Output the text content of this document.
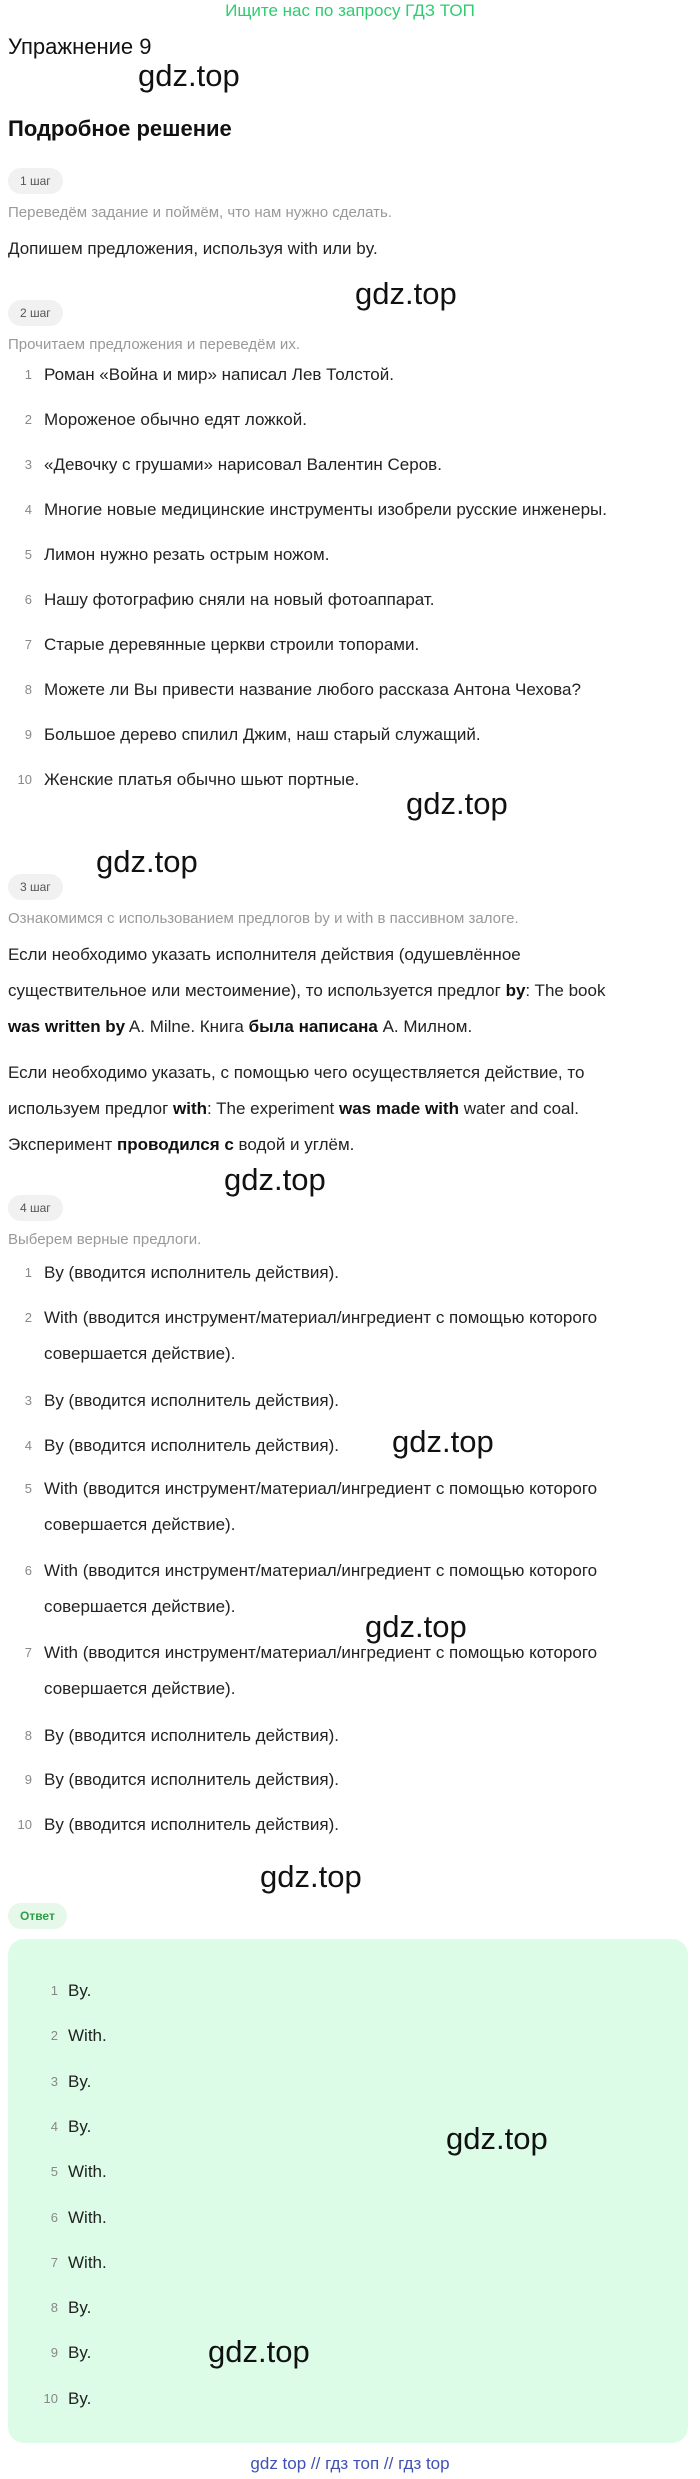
Ищите нас по запросу ГДЗ ТОП
Упражнение 9
gdz.top
Подробное решение
1 шаг
Переведём задание и поймём, что нам нужно сделать.
Допишем предложения, используя with или by.
gdz.top
2 шаг
Прочитаем предложения и переведём их.
1 Роман «Война и мир» написал Лев Толстой.
2 Мороженое обычно едят ложкой.
3 «Девочку с грушами» нарисовал Валентин Серов.
4 Многие новые медицинские инструменты изобрели русские инженеры.
5 Лимон нужно резать острым ножом.
6 Нашу фотографию сняли на новый фотоаппарат.
7 Старые деревянные церкви строили топорами.
8 Можете ли Вы привести название любого рассказа Антона Чехова?
9 Большое дерево спилил Джим, наш старый служащий.
10 Женские платья обычно шьют портные.
gdz.top
gdz.top
3 шаг
Ознакомимся с использованием предлогов by и with в пассивном залоге.
Если необходимо указать исполнителя действия (одушевлённое
существительное или местоимение), то используется предлог by: The book
was written by A. Milne. Книга была написана А. Милном.
Если необходимо указать, с помощью чего осуществляется действие, то
используем предлог with: The experiment was made with water and coal.
Эксперимент проводился с водой и углём.
gdz.top
4 шаг
Выберем верные предлоги.
1 By (вводится исполнитель действия).
2 With (вводится инструмент/материал/ингредиент с помощью которого
совершается действие).
3 By (вводится исполнитель действия).
4 By (вводится исполнитель действия).
5 With (вводится инструмент/материал/ингредиент с помощью которого
совершается действие).
6 With (вводится инструмент/материал/ингредиент с помощью которого
совершается действие).
7 With (вводится инструмент/материал/ингредиент с помощью которого
совершается действие).
8 By (вводится исполнитель действия).
9 By (вводится исполнитель действия).
10 By (вводится исполнитель действия).
gdz.top
gdz.top
gdz.top
Ответ
1 By.
2 With.
3 By.
4 By.
5 With.
6 With.
7 With.
8 By.
9 By.
10 By.
gdz.top
gdz.top
gdz top // гдз топ // гдз top
